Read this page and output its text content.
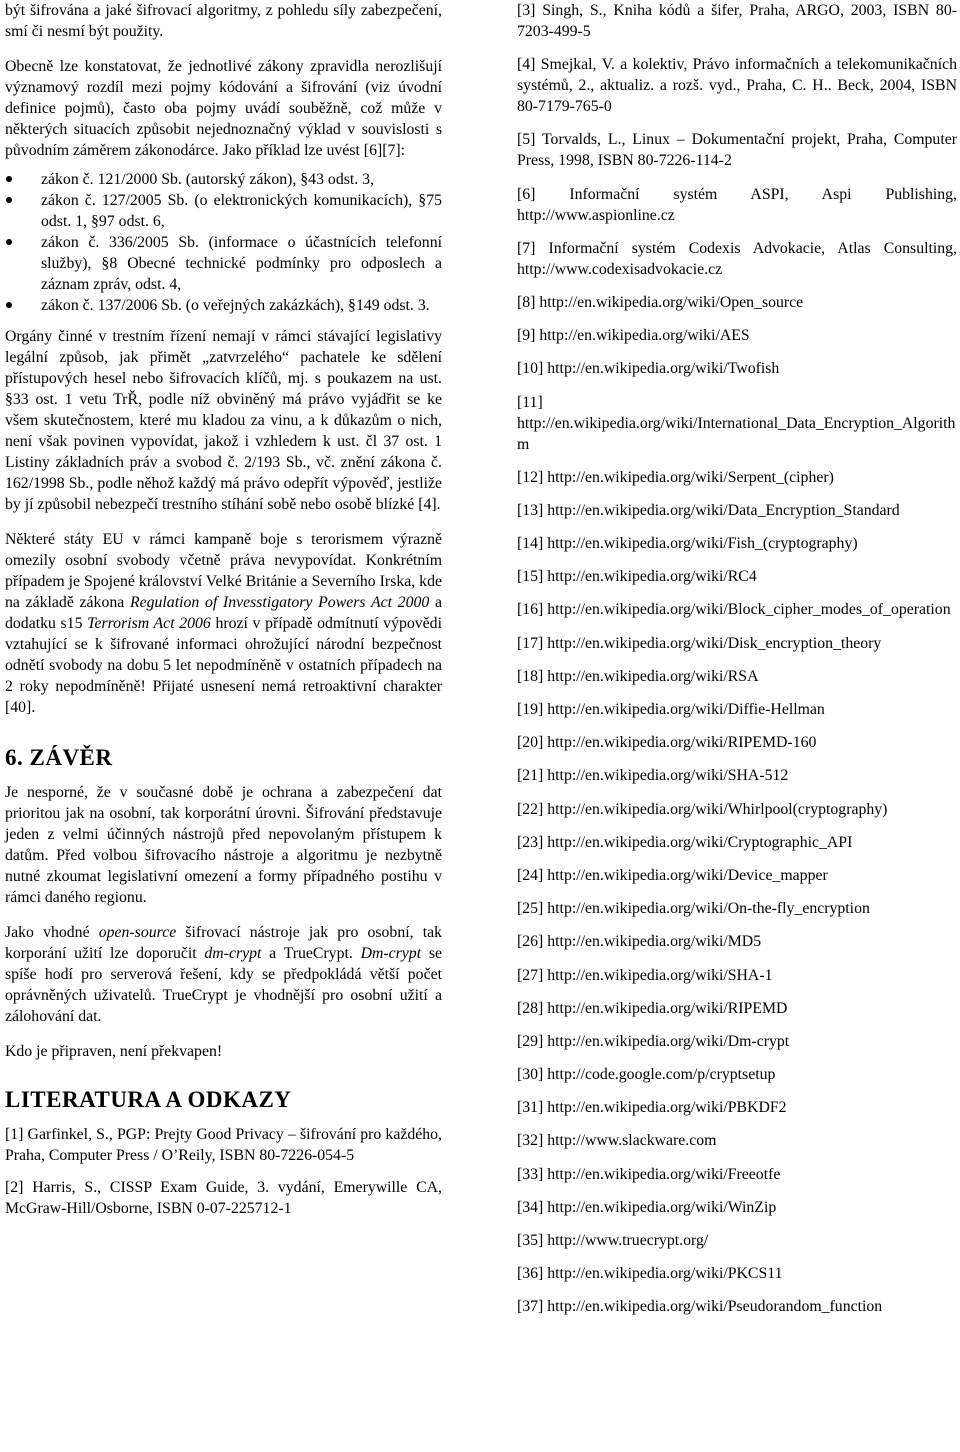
být šifrována a jaké šifrovací algoritmy, z pohledu síly zabezpečení, smí či nesmí být použity.

Obecně lze konstatovat, že jednotlivé zákony zpravidla nerozlišují významový rozdíl mezi pojmy kódování a šifrování (viz úvodní definice pojmů), často oba pojmy uvádí souběžně, což může v některých situacích způsobit nejednoznačný výklad v souvislosti s původním záměrem zákonodárce. Jako příklad lze uvést [6][7]:

zákon č. 121/2000 Sb. (autorský zákon), §43 odst. 3,
zákon č. 127/2005 Sb. (o elektronických komunikacích), §75 odst. 1, §97 odst. 6,
zákon č. 336/2005 Sb. (informace o účastnících telefonní služby), §8 Obecné technické podmínky pro odposlech a záznam zpráv, odst. 4,
zákon č. 137/2006 Sb. (o veřejných zakázkách), §149 odst. 3.

Orgány činné v trestním řízení nemají v rámci stávající legislativy legální způsob, jak přimět „zatvrzelého“ pachatele ke sdělení přístupových hesel nebo šifrovacích klíčů, mj. s poukazem na ust. §33 ost. 1 vetu TrŘ, podle níž obviněný má právo vyjádřit se ke všem skutečnostem, které mu kladou za vinu, a k důkazům o nich, není však povinen vypovídat, jakož i vzhledem k ust. čl 37 ost. 1 Listiny základních práv a svobod č. 2/193 Sb., vč. znění zákona č. 162/1998 Sb., podle něhož každý má právo odepřít výpověď, jestliže by jí způsobil nebezpečí trestního stíhání sobě nebo osobě blízké [4].

Některé státy EU v rámci kampaně boje s terorismem výrazně omezily osobní svobody včetně práva nevypovídat. Konkrétním případem je Spojené království Velké Británie a Severního Irska, kde na základě zákona Regulation of Invesstigatory Powers Act 2000 a dodatku s15 Terrorism Act 2006 hrozí v případě odmítnutí výpovědi vztahující se k šifrované informaci ohrožující národní bezpečnost odnětí svobody na dobu 5 let nepodmíněně v ostatních případech na 2 roky nepodmíněně! Přijaté usnesení nemá retroaktivní charakter [40].

6. ZÁVĚR

Je nesporné, že v současné době je ochrana a zabezpečení dat prioritou jak na osobní, tak korporátní úrovni. Šifrování představuje jeden z velmi účinných nástrojů před nepovolaným přístupem k datům. Před volbou šifrovacího nástroje a algoritmu je nezbytně nutné zkoumat legislativní omezení a formy případného postihu v rámci daného regionu.

Jako vhodné open-source šifrovací nástroje jak pro osobní, tak korporání užití lze doporučit dm-crypt a TrueCrypt. Dm-crypt se spíše hodí pro serverová řešení, kdy se předpokládá větší počet oprávněných uživatelů. TrueCrypt je vhodnější pro osobní užití a zálohování dat.

Kdo je připraven, není překvapen!

LITERATURA A ODKAZY

[1] Garfinkel, S., PGP: Prejty Good Privacy – šifrování pro každého, Praha, Computer Press / O’Reily, ISBN 80-7226-054-5

[2] Harris, S., CISSP Exam Guide, 3. vydání, Emerywille CA, McGraw-Hill/Osborne, ISBN 0-07-225712-1

[3] Singh, S., Kniha kódů a šifer, Praha, ARGO, 2003, ISBN 80-7203-499-5

[4] Smejkal, V. a kolektiv, Právo informačních a telekomunikačních systémů, 2., aktualiz. a rozš. vyd., Praha, C. H.. Beck, 2004, ISBN 80-7179-765-0

[5] Torvalds, L., Linux – Dokumentační projekt, Praha, Computer Press, 1998, ISBN 80-7226-114-2

[6] Informační systém ASPI, Aspi Publishing, http://www.aspionline.cz

[7] Informační systém Codexis Advokacie, Atlas Consulting, http://www.codexisadvokacie.cz

[8] http://en.wikipedia.org/wiki/Open_source

[9] http://en.wikipedia.org/wiki/AES

[10] http://en.wikipedia.org/wiki/Twofish

[11] http://en.wikipedia.org/wiki/International_Data_Encryption_Algorithm

[12] http://en.wikipedia.org/wiki/Serpent_(cipher)

[13] http://en.wikipedia.org/wiki/Data_Encryption_Standard

[14] http://en.wikipedia.org/wiki/Fish_(cryptography)

[15] http://en.wikipedia.org/wiki/RC4

[16] http://en.wikipedia.org/wiki/Block_cipher_modes_of_operation

[17] http://en.wikipedia.org/wiki/Disk_encryption_theory

[18] http://en.wikipedia.org/wiki/RSA

[19] http://en.wikipedia.org/wiki/Diffie-Hellman

[20] http://en.wikipedia.org/wiki/RIPEMD-160

[21] http://en.wikipedia.org/wiki/SHA-512

[22] http://en.wikipedia.org/wiki/Whirlpool(cryptography)

[23] http://en.wikipedia.org/wiki/Cryptographic_API

[24] http://en.wikipedia.org/wiki/Device_mapper

[25] http://en.wikipedia.org/wiki/On-the-fly_encryption

[26] http://en.wikipedia.org/wiki/MD5

[27] http://en.wikipedia.org/wiki/SHA-1

[28] http://en.wikipedia.org/wiki/RIPEMD

[29] http://en.wikipedia.org/wiki/Dm-crypt

[30] http://code.google.com/p/cryptsetup

[31] http://en.wikipedia.org/wiki/PBKDF2

[32] http://www.slackware.com

[33] http://en.wikipedia.org/wiki/Freeotfe

[34] http://en.wikipedia.org/wiki/WinZip

[35] http://www.truecrypt.org/

[36] http://en.wikipedia.org/wiki/PKCS11

[37] http://en.wikipedia.org/wiki/Pseudorandom_function
